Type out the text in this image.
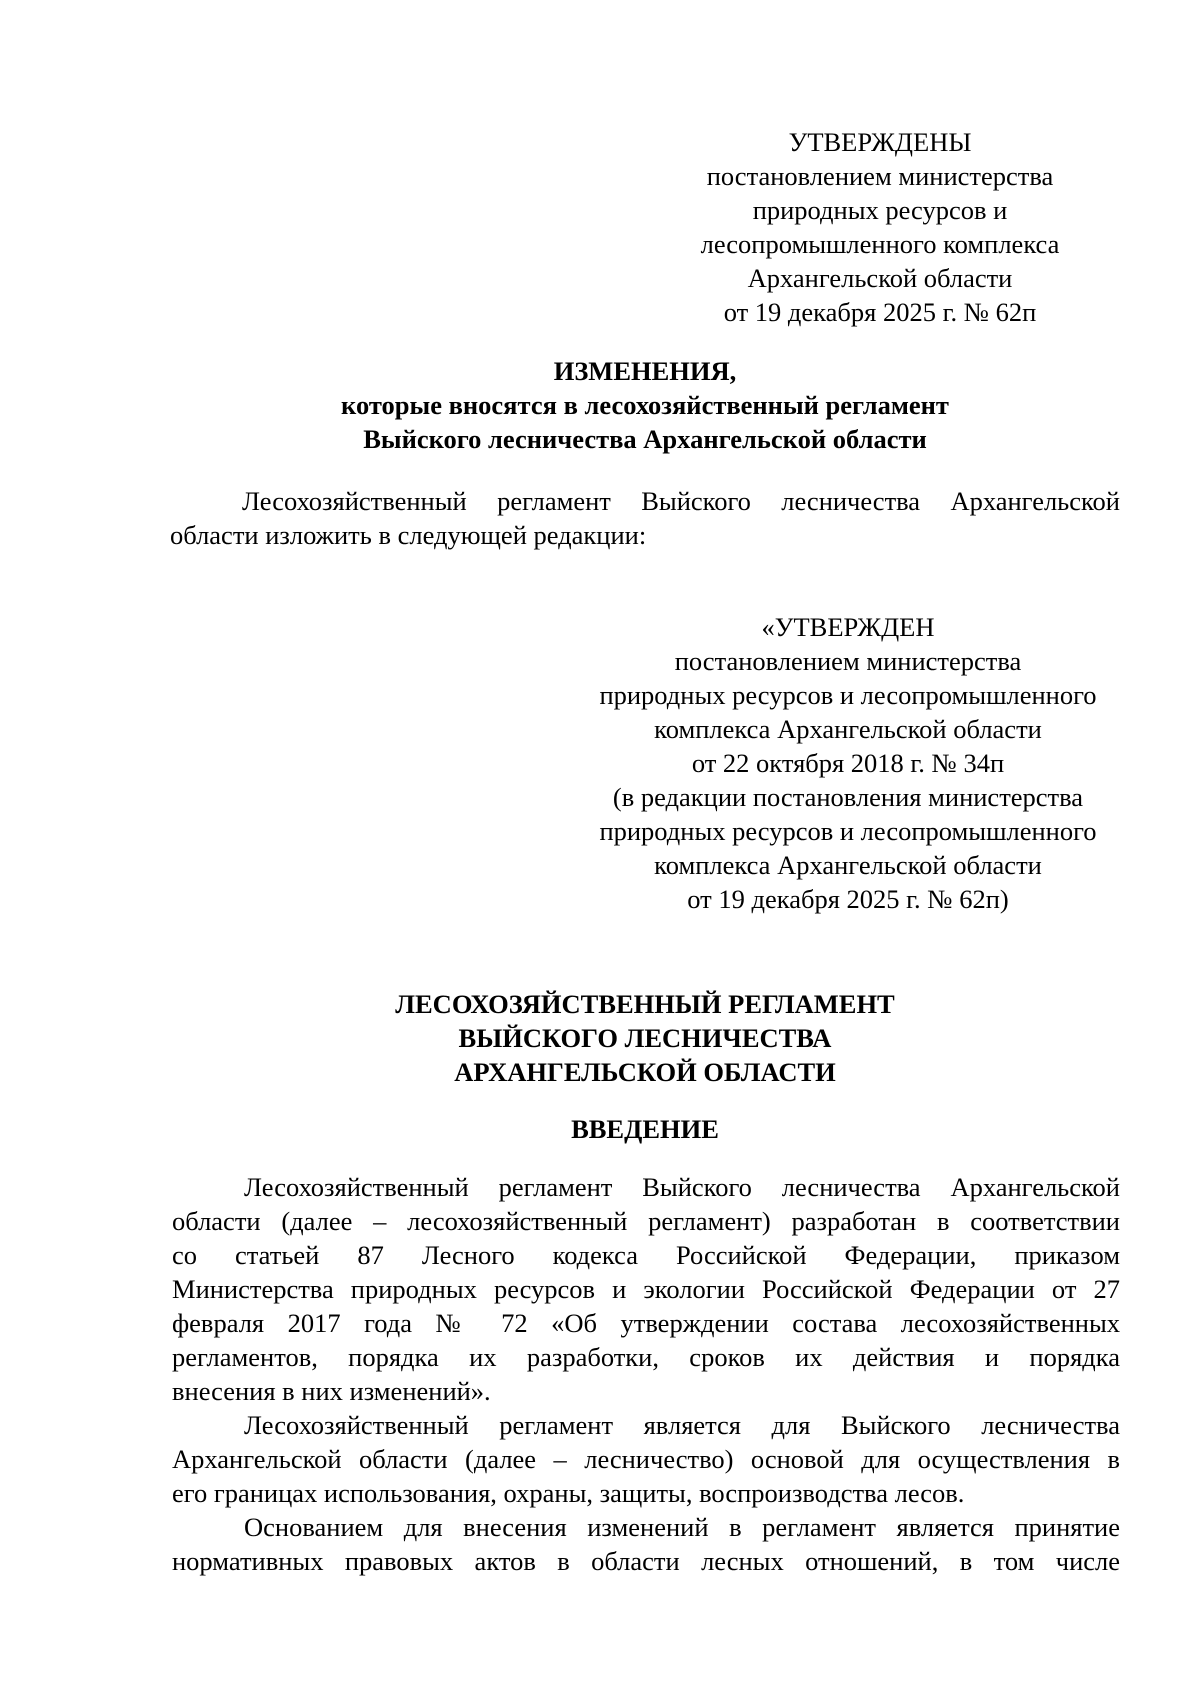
УТВЕРЖДЕНЫ
постановлением министерства
природных ресурсов и
лесопромышленного комплекса
Архангельской области
от 19 декабря 2025 г. № 62п
ИЗМЕНЕНИЯ,
которые вносятся в лесохозяйственный регламент
Выйского лесничества Архангельской области
Лесохозяйственный регламент Выйского лесничества Архангельской
области изложить в следующей редакции:
«УТВЕРЖДЕН
постановлением министерства
природных ресурсов и лесопромышленного
комплекса Архангельской области
от 22 октября 2018 г. № 34п
(в редакции постановления министерства
природных ресурсов и лесопромышленного
комплекса Архангельской области
от 19 декабря 2025 г. № 62п)
ЛЕСОХОЗЯЙСТВЕННЫЙ РЕГЛАМЕНТ
ВЫЙСКОГО ЛЕСНИЧЕСТВА
АРХАНГЕЛЬСКОЙ ОБЛАСТИ
ВВЕДЕНИЕ
Лесохозяйственный регламент Выйского лесничества Архангельской
области (далее – лесохозяйственный регламент) разработан в соответствии
со статьей 87 Лесного кодекса Российской Федерации, приказом
Министерства природных ресурсов и экологии Российской Федерации от 27
февраля 2017 года № 72 «Об утверждении состава лесохозяйственных
регламентов, порядка их разработки, сроков их действия и порядка
внесения в них изменений».
Лесохозяйственный регламент является для Выйского лесничества
Архангельской области (далее – лесничество) основой для осуществления в
его границах использования, охраны, защиты, воспроизводства лесов.
Основанием для внесения изменений в регламент является принятие
нормативных правовых актов в области лесных отношений, в том числе
